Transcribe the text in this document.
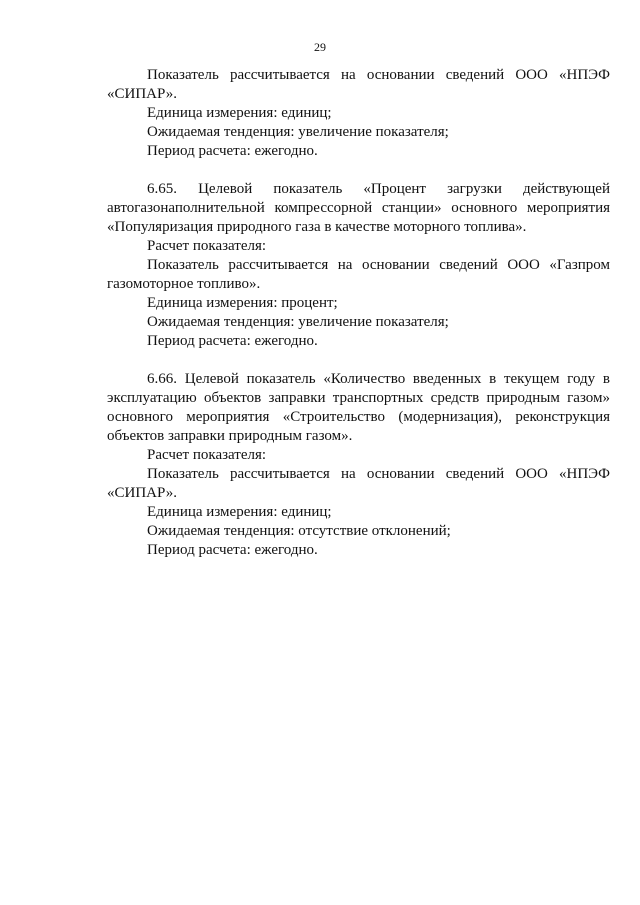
29

Показатель рассчитывается на основании сведений ООО «НПЭФ «СИПАР».

Единица измерения: единиц;

Ожидаемая тенденция: увеличение показателя;

Период расчета: ежегодно.

6.65. Целевой показатель «Процент загрузки действующей автогазонаполнительной компрессорной станции» основного мероприятия «Популяризация природного газа в качестве моторного топлива».

Расчет показателя:

Показатель рассчитывается на основании сведений ООО «Газпром газомоторное топливо».

Единица измерения: процент;

Ожидаемая тенденция: увеличение показателя;

Период расчета: ежегодно.

6.66. Целевой показатель «Количество введенных в текущем году в эксплуатацию объектов заправки транспортных средств природным газом» основного мероприятия «Строительство (модернизация), реконструкция объектов заправки природным газом».

Расчет показателя:

Показатель рассчитывается на основании сведений ООО «НПЭФ «СИПАР».

Единица измерения: единиц;

Ожидаемая тенденция: отсутствие отклонений;

Период расчета: ежегодно.
